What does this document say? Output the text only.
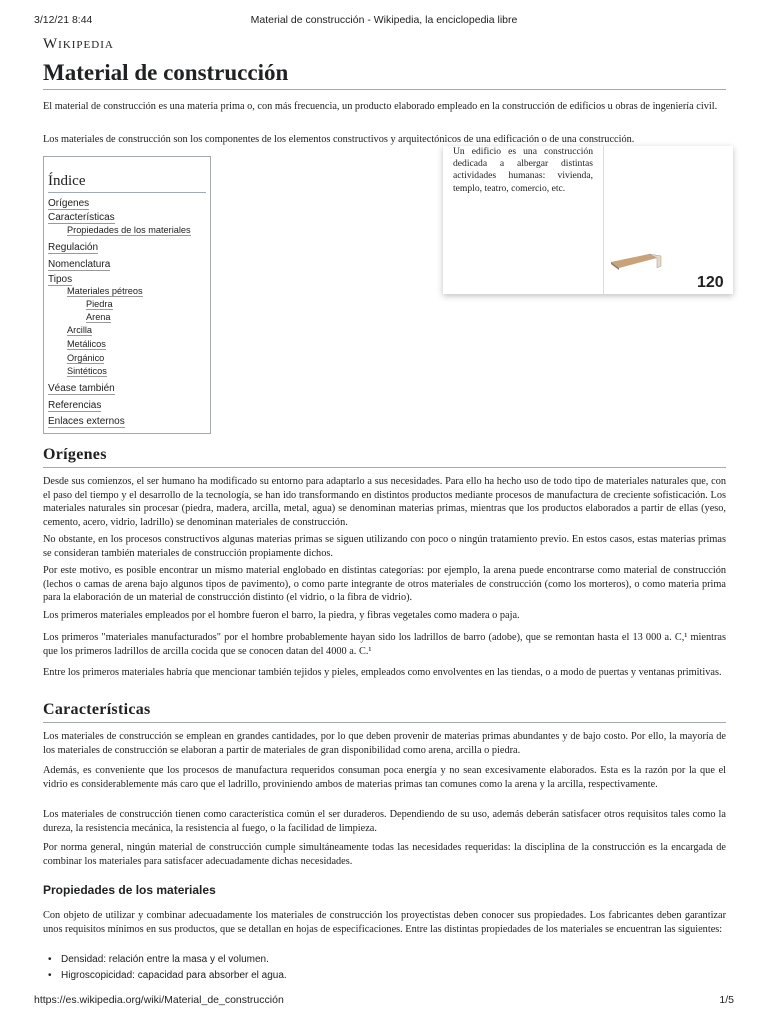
3/12/21 8:44	Material de construcción - Wikipedia, la enciclopedia libre
Wikipedia
Material de construcción

El material de construcción es una materia prima o, con más frecuencia, un producto elaborado empleado en la construcción de edificios u obras de ingeniería civil.

Los materiales de construcción son los componentes de los elementos constructivos y arquitectónicos de una edificación o de una construcción.

Un edificio es una construcción dedicada a albergar distintas actividades humanas: vivienda, templo, teatro, comercio, etc.
120
Índice
Orígenes
Características
Propiedades de los materiales
Regulación
Nomenclatura
Tipos
Materiales pétreos
Piedra
Arena
Arcilla
Metálicos
Orgánico
Sintéticos
Véase también
Referencias
Enlaces externos
Orígenes

Desde sus comienzos, el ser humano ha modificado su entorno para adaptarlo a sus necesidades. Para ello ha hecho uso de todo tipo de materiales naturales que, con el paso del tiempo y el desarrollo de la tecnología, se han ido transformando en distintos productos mediante procesos de manufactura de creciente sofisticación. Los materiales naturales sin procesar (piedra, madera, arcilla, metal, agua) se denominan materias primas, mientras que los productos elaborados a partir de ellas (yeso, cemento, acero, vidrio, ladrillo) se denominan materiales de construcción.

No obstante, en los procesos constructivos algunas materias primas se siguen utilizando con poco o ningún tratamiento previo. En estos casos, estas materias primas se consideran también materiales de construcción propiamente dichos.

Por este motivo, es posible encontrar un mismo material englobado en distintas categorías: por ejemplo, la arena puede encontrarse como material de construcción (lechos o camas de arena bajo algunos tipos de pavimento), o como parte integrante de otros materiales de construcción (como los morteros), o como materia prima para la elaboración de un material de construcción distinto (el vidrio, o la fibra de vidrio).

Los primeros materiales empleados por el hombre fueron el barro, la piedra, y fibras vegetales como madera o paja.

Los primeros "materiales manufacturados" por el hombre probablemente hayan sido los ladrillos de barro (adobe), que se remontan hasta el 13 000 a. C,¹ mientras que los primeros ladrillos de arcilla cocida que se conocen datan del 4000 a. C.¹

Entre los primeros materiales habría que mencionar también tejidos y pieles, empleados como envolventes en las tiendas, o a modo de puertas y ventanas primitivas.

Características

Los materiales de construcción se emplean en grandes cantidades, por lo que deben provenir de materias primas abundantes y de bajo costo. Por ello, la mayoría de los materiales de construcción se elaboran a partir de materiales de gran disponibilidad como arena, arcilla o piedra.

Además, es conveniente que los procesos de manufactura requeridos consuman poca energía y no sean excesivamente elaborados. Esta es la razón por la que el vidrio es considerablemente más caro que el ladrillo, proviniendo ambos de materias primas tan comunes como la arena y la arcilla, respectivamente.

Los materiales de construcción tienen como característica común el ser duraderos. Dependiendo de su uso, además deberán satisfacer otros requisitos tales como la dureza, la resistencia mecánica, la resistencia al fuego, o la facilidad de limpieza.

Por norma general, ningún material de construcción cumple simultáneamente todas las necesidades requeridas: la disciplina de la construcción es la encargada de combinar los materiales para satisfacer adecuadamente dichas necesidades.

Propiedades de los materiales

Con objeto de utilizar y combinar adecuadamente los materiales de construcción los proyectistas deben conocer sus propiedades. Los fabricantes deben garantizar unos requisitos mínimos en sus productos, que se detallan en hojas de especificaciones. Entre las distintas propiedades de los materiales se encuentran las siguientes:

• Densidad: relación entre la masa y el volumen.
• Higroscopicidad: capacidad para absorber el agua.
https://es.wikipedia.org/wiki/Material_de_construcción	1/5
